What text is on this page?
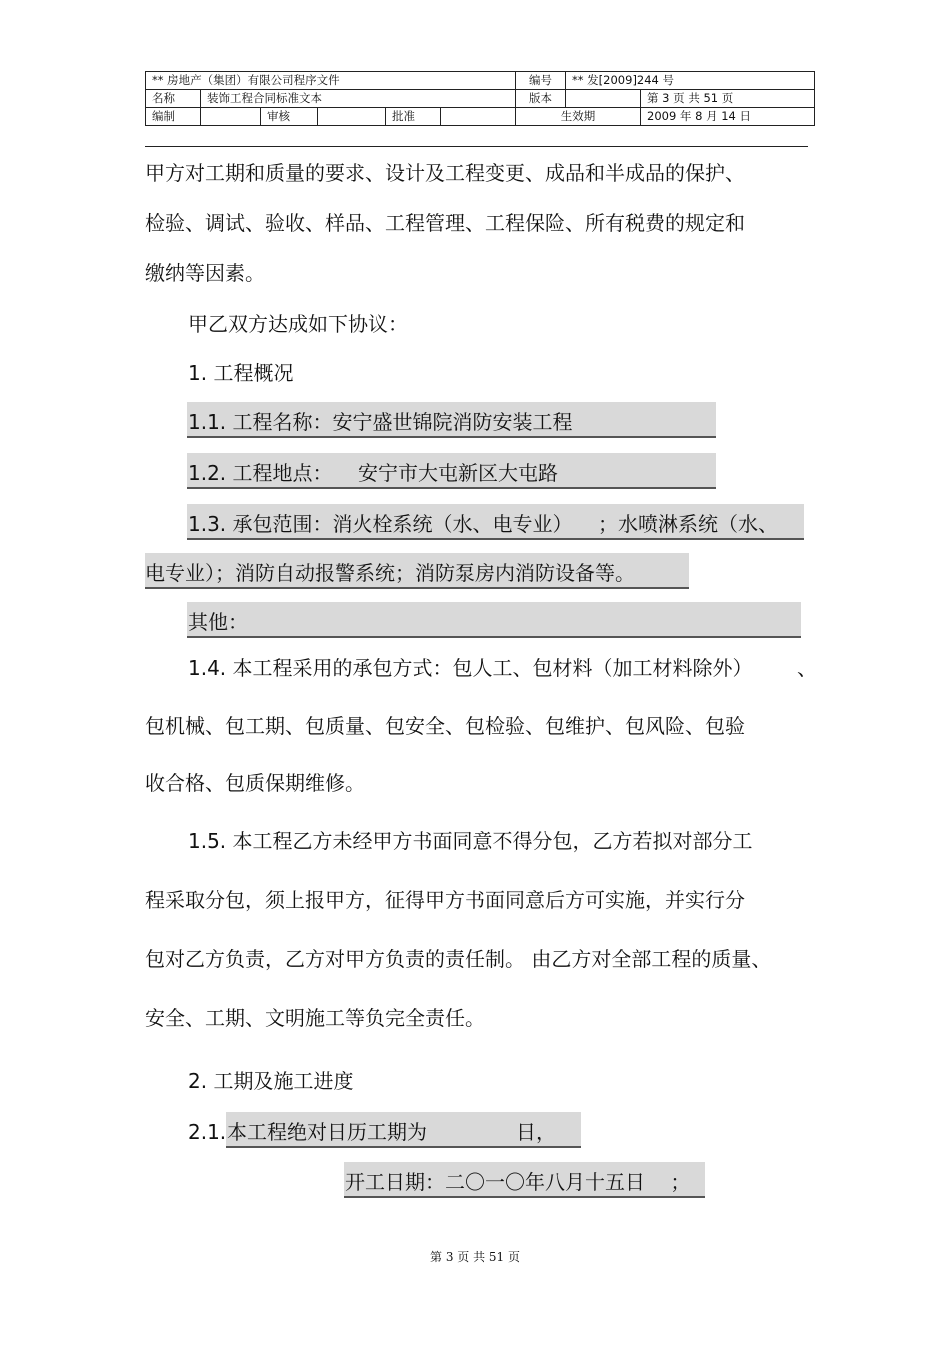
** 房地产（集团）有限公司程序文件						编号	** 发[2009]244 号	
名称	装饰工程合同标准文本					版本		第 3 页 共 51 页
编制		审核		批准		生效期		2009 年 8 月 14 日
甲方对工期和质量的要求、设计及工程变更、成品和半成品的保护、
检验、调试、验收、样品、工程管理、工程保险、所有税费的规定和
缴纳等因素。
甲乙双方达成如下协议：
1. 工程概况
1.1. 工程名称：安宁盛世锦院消防安装工程
1.2. 工程地点：    安宁市大屯新区大屯路
1.3. 承包范围：消火栓系统（水、电专业）    ；水喷淋系统（水、
电专业）；消防自动报警系统；消防泵房内消防设备等。
其他：
1.4. 本工程采用的承包方式：包人工、包材料（加工材料除外）       、
包机械、包工期、包质量、包安全、包检验、包维护、包风险、包验
收合格、包质保期维修。
1.5. 本工程乙方未经甲方书面同意不得分包，乙方若拟对部分工
程采取分包，须上报甲方，征得甲方书面同意后方可实施，并实行分
包对乙方负责，乙方对甲方负责的责任制。 由乙方对全部工程的质量、
安全、工期、文明施工等负完全责任。
2. 工期及施工进度
2.1. 本工程绝对日历工期为              日，
开工日期：二〇一〇年八月十五日    ；
第 3 页 共 51 页
